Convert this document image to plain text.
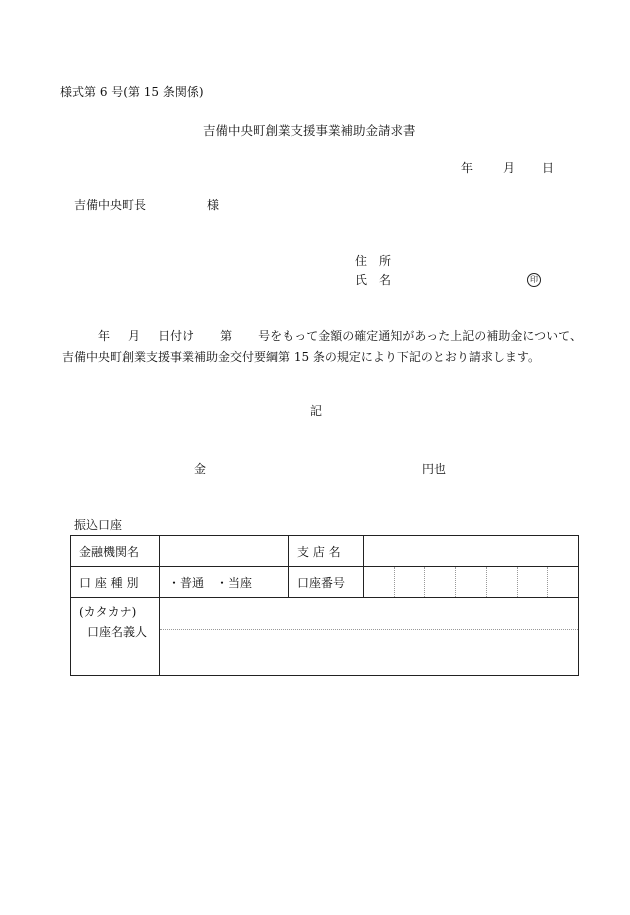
様式第 6 号(第 15 条関係)
吉備中央町創業支援事業補助金請求書
年 月 日
吉備中央町長	様
住　所
氏　名	印
年 月 日付け 第 号をもって金額の確定通知があった上記の補助金について、吉備中央町創業支援事業補助金交付要綱第 15 条の規定により下記のとおり請求します。
記
金	円也
振込口座
金融機関名		支 店 名	
口 座 種 別	・普通　・当座	口座番号	

(カタカナ)
口座名義人			
